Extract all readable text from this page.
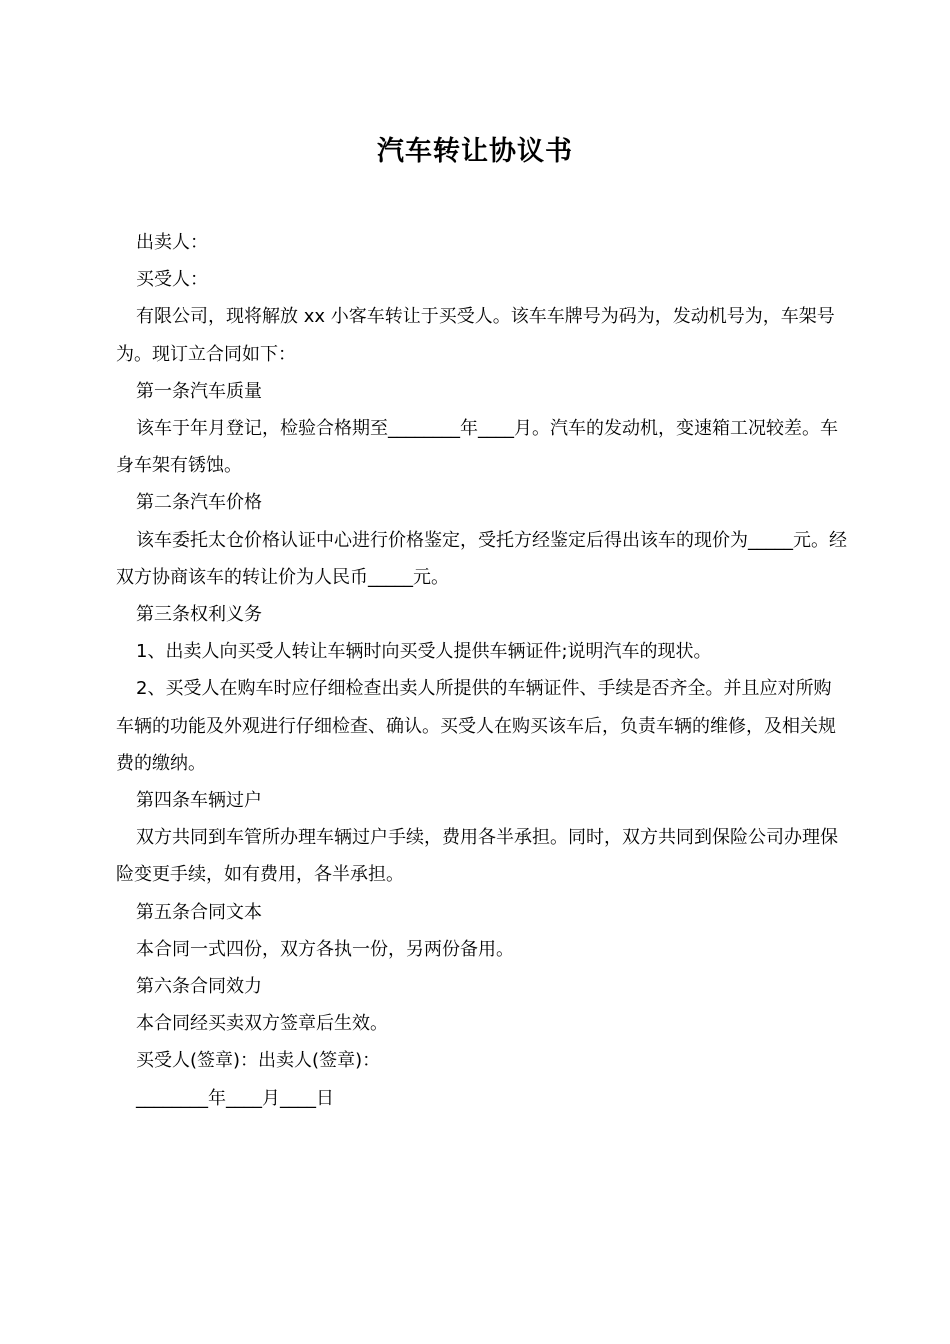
汽车转让协议书

出卖人：

买受人：

有限公司，现将解放 xx 小客车转让于买受人。该车车牌号为码为，发动机号为，车架号为。现订立合同如下：

第一条汽车质量

该车于年月登记，检验合格期至________年____月。汽车的发动机，变速箱工况较差。车身车架有锈蚀。

第二条汽车价格

该车委托太仓价格认证中心进行价格鉴定，受托方经鉴定后得出该车的现价为_____元。经双方协商该车的转让价为人民币_____元。

第三条权利义务

1、出卖人向买受人转让车辆时向买受人提供车辆证件;说明汽车的现状。

2、买受人在购车时应仔细检查出卖人所提供的车辆证件、手续是否齐全。并且应对所购车辆的功能及外观进行仔细检查、确认。买受人在购买该车后，负责车辆的维修，及相关规费的缴纳。

第四条车辆过户

双方共同到车管所办理车辆过户手续，费用各半承担。同时，双方共同到保险公司办理保险变更手续，如有费用，各半承担。

第五条合同文本

本合同一式四份，双方各执一份，另两份备用。

第六条合同效力

本合同经买卖双方签章后生效。

买受人(签章)：出卖人(签章)：

________年____月____日
